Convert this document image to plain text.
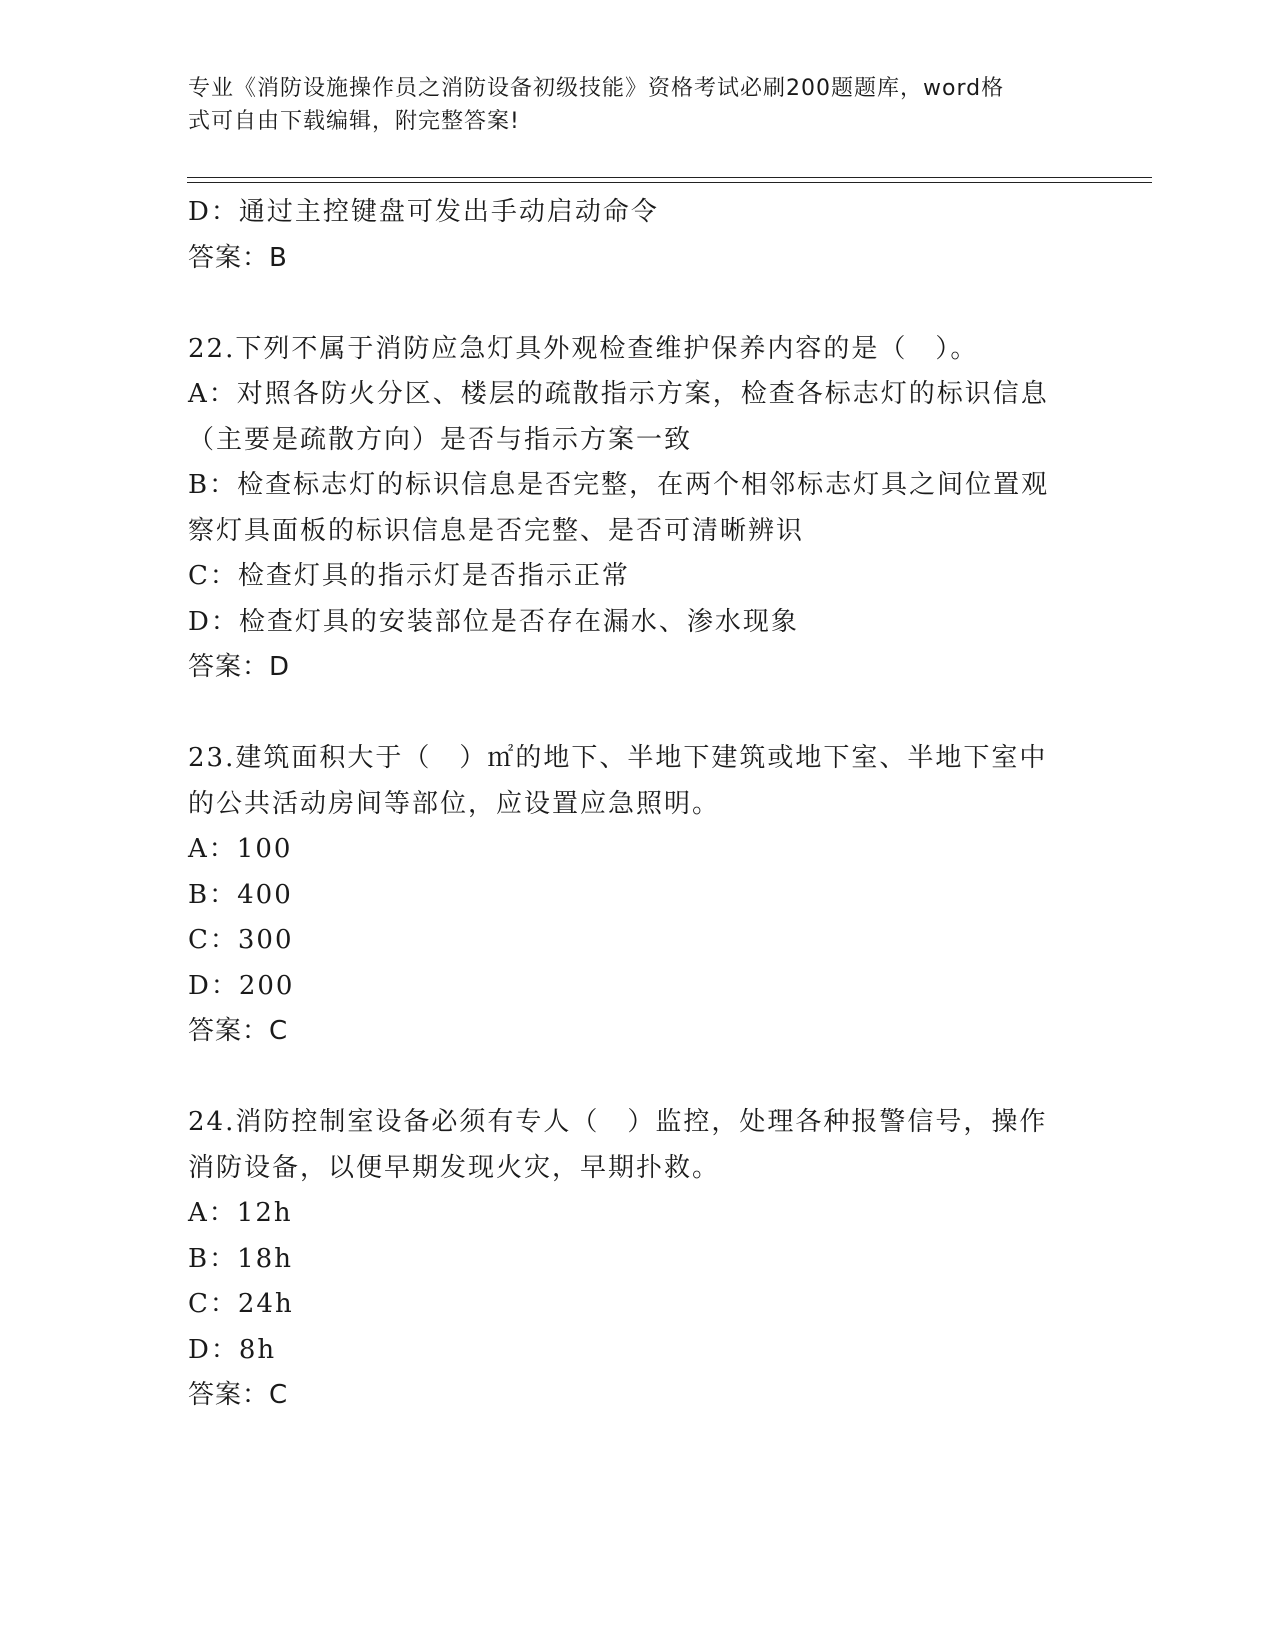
专业《消防设施操作员之消防设备初级技能》资格考试必刷200题题库，word格
式可自由下载编辑，附完整答案!
D：通过主控键盘可发出手动启动命令
答案：B
22.下列不属于消防应急灯具外观检查维护保养内容的是（　）。
A：对照各防火分区、楼层的疏散指示方案，检查各标志灯的标识信息
（主要是疏散方向）是否与指示方案一致
B：检查标志灯的标识信息是否完整，在两个相邻标志灯具之间位置观
察灯具面板的标识信息是否完整、是否可清晰辨识
C：检查灯具的指示灯是否指示正常
D：检查灯具的安装部位是否存在漏水、渗水现象
答案：D
23.建筑面积大于（　）㎡的地下、半地下建筑或地下室、半地下室中
的公共活动房间等部位，应设置应急照明。
A：100
B：400
C：300
D：200
答案：C
24.消防控制室设备必须有专人（　）监控，处理各种报警信号，操作
消防设备，以便早期发现火灾，早期扑救。
A：12h
B：18h
C：24h
D：8h
答案：C
